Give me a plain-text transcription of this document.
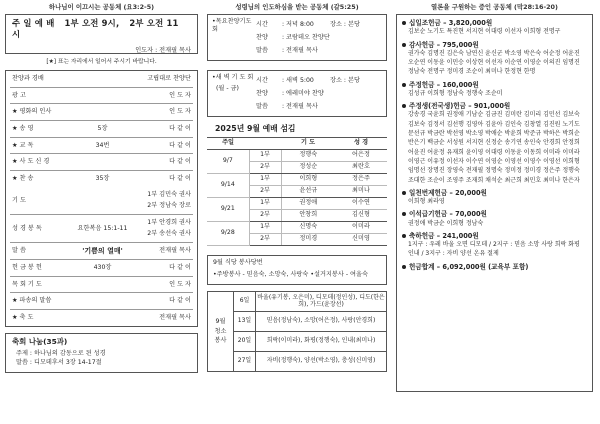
하나님이 이끄시는 공동체 (요3:2-5)	성령님의 인도하심을 받는 공동체 (갈5:25)	열론을 구원하는 증인 공동체 (막28:16-20)
주 일 예 배 1부 오전 9시, 2부 오전 11시
인도자 : 전재필 목사
[★] 표는 자리에서 일어서 주시기 바랍니다.
찬양과 경배	고립대로 찬양단
광 고	인 도 자
★ 평화의 인사	인 도 자
★ 송 영	5장	다 같 이
★ 교 독	34번	다 같 이
★ 사 도 신 경	다 같 이
★ 찬 송	35장	다 같 이
기 도
1부 김민숙 권사
2부 정남숙 장로
성 경 봉 독	요한복음 15:1-11
1부 안경희 권사
2부 송선숙 권사
말 씀	'기쁨의 열매'	전재필 목사
헌 금 봉 헌	430장	다 같 이
목 회 기 도	인 도 자
★ 파송의 말씀	다 같 이
★ 축 도	전재필 목사
축회 나눔(35과)
주제 : 하나님의 감동으로 된 성경
말씀 : 디모데후서 3장 14-17절
•목요찬양기도회
시간	: 저녁 8:00	장소 : 본당
찬양	: 코람데오 찬양단
말씀	: 전재필 목사
•새 벽 기 도 회
(월 - 금)
시간	: 새벽 5:00	장소 : 본당
찬양	: 에레미야 찬양
말씀	: 전재필 목사
2025년 9월 예배 섬김
주일		기 도	성 경
9/7	1부	정행숙	어은정
	2부	정성순	최란호
9/14	1부	이희형	정은주
	2부	윤선규	최미나
9/21	1부	권정애	이수연
	2부	안창희	김신형
9/28	1부	신명숙	이미라
	2부	정미경	신미영
9월 식당 봉사당번
•주방봉사 - 믿음숙, 소망숙, 사랑숙 •설거지봉사 - 여울숙
9월
청소
봉사
6일	바울(유기봉, 오은미), 디모데(정인성), 디도(한은희), 가드(윤장선)
13일	믿음(정남숙), 소망(어은정), 사랑(안경희)
20일	희락(이미라), 화평(정행숙), 인내(최미나)
27일	자비(정행숙), 양선(박소영), 충성(신미영)
십일조헌금 – 3,820,000원
김보순 노기도 특진현 서지현 이대령 이선자 이희형 전명구
감사헌금 – 795,000원
권가숙 김명진 김은숙 남연신 윤신군 박소영 박은숙 어순정 어윤진 오순연 이동윤 이민승 이상현 이선자 이순연 이영순 이의진 임명진 정남숙 전명구 정미경 조순이 최미나 한정현 한명
주정헌금 – 160,000원
김성규 이희형 정남숙 정행숙 조순미
주정생(전국생)헌금 – 901,000원
강송경 국윤희 권정애 기남순 김금진 김미란 김미리 김민선 김보숙 김보숙 김정서 김선행 김영아 김윤아 김인숙 김창열 김진원 노기도 문선규 박금란 박선영 박소영 박애순 박윤희 박준규 박하은 박희순 반은기 백금순 서성원 서지현 신정순 송기연 송인숙 안경희 안정희 어윤진 어윤정 유재희 윤이영 이대령 이동윤 이동희 이미라 이미라 이영근 이유정 이선자 이수연 이영순 이영선 이영수 이영선 이희형 임명선 장명진 장영숙 전재필 정명숙 정미정 정미경 정은주 정행숙 조대한 조순이 조영주 조재희 채석순 최근희 최민호 최미나 한은자
일천번제헌금 – 20,000원
이희형 최라영
이석급기헌금 – 70,000원
권정애 박금순 이희형 정남숙
축하헌금 – 241,000원
1지구 : 우레 바울 오면 디모데 / 2지구 : 믿음 소망 사랑 희락 화평 인내 / 3지구 : 자비 양선 온유 절제
헌금합계 – 6,092,000원 (교육부 포함)
